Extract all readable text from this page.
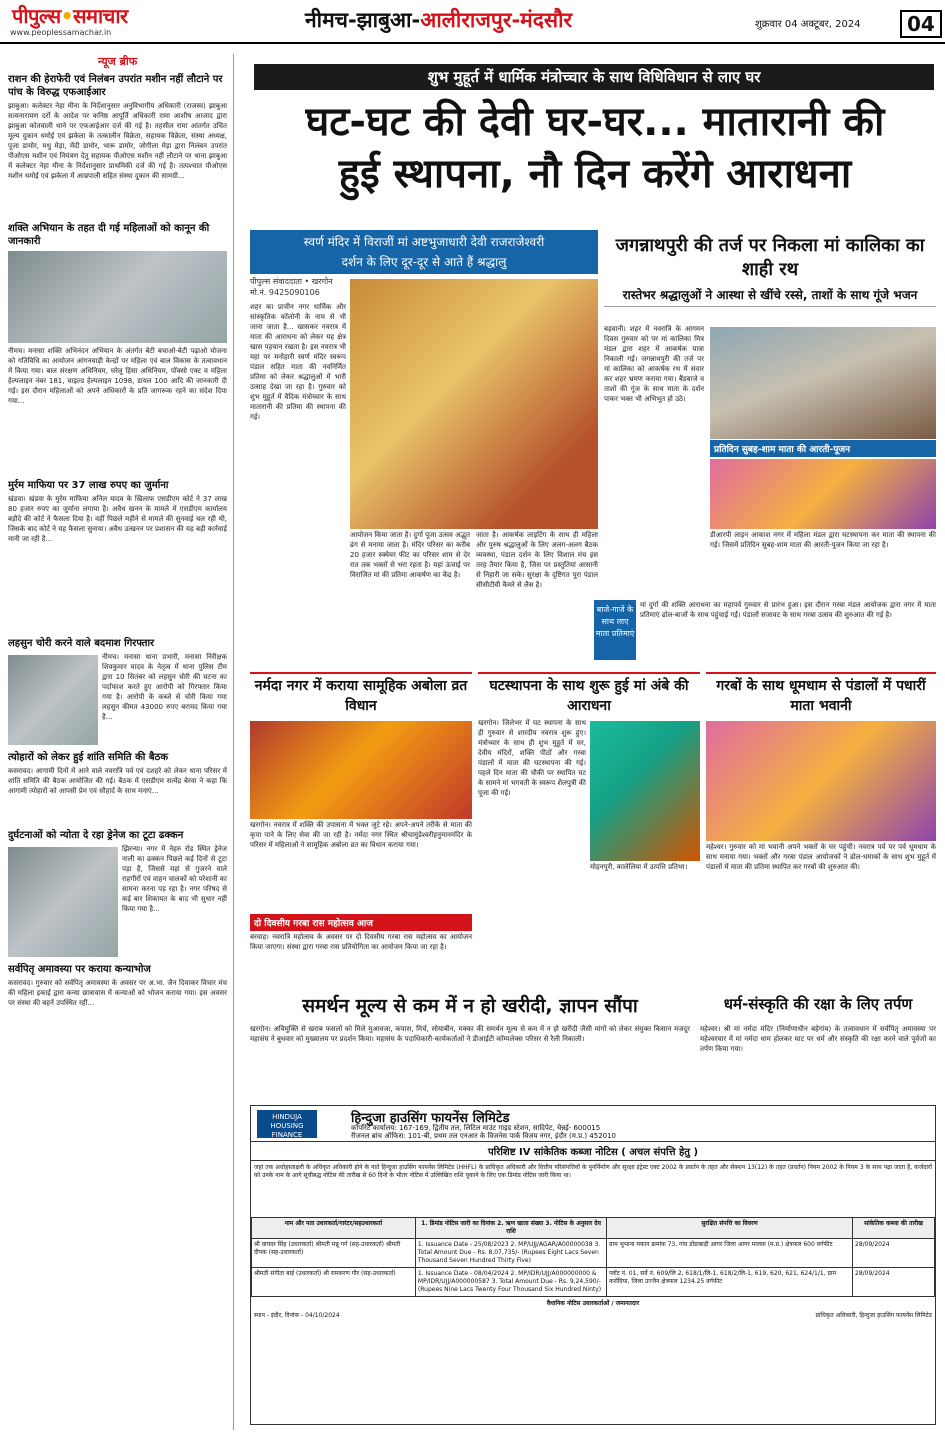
पीपुल्स•समाचार
www.peoplessamachar.in
नीमच-झाबुआ-आलीराजपुर-मंदसौर	शुक्रवार 04 अक्टूबर, 2024	04
न्यूज ब्रीफ
राशन की हेराफेरी एवं निलंबन उपरांत मशीन नहीं लौटाने पर पांच के विरुद्ध एफआईआर
झाबुआ। कलेक्टर नेहा मीना के निर्देशानुसार अनुविभागीय अधिकारी (राजस्व) झाबुआ सत्यनारायण दर्रो के आदेश पर कनिष्ठ आपूर्ति अधिकारी रामा आशीष आजाद द्वारा झाबुआ कोतवाली थाने पर एफआईआर दर्ज की गई है। तहसील रामा आंतर्गत उचित मूल्य दुकान धमोई एवं झकेला के तत्कालीन विक्रेता, सहायक विक्रेता, संस्था अध्यक्ष, पूजा डामोर, मधु मेड़ा, मेंदी डामोर, भारू डामोर, जोगीला मेड़ा द्वारा निलंबन उपरांत पीओएस मशीन एवं नियंत्रण देतु सहायक पीओएस मशीन नहीं लौटाने पर थाना झाबुआ में कलेक्टर नेहा मीना के निर्देशानुसार प्राथमिकी दर्ज की गई है। तत्पश्चात पीओएस मशीन धमोई एवं झकेला में आम्रपाली सहित संस्था दुकान की सामग्री...
शक्ति अभियान के तहत दी गई महिलाओं को कानून की जानकारी
नीमच। मनासा शक्ति अभिनंदन अभियान के अंतर्गत बेटी बचाओ-बेटी पढ़ाओ योजना को गतिविधि का आयोजन आंगनवाड़ी केन्द्रों पर महिला एवं बाल विकास के तत्वावधान में किया गया। बाल संरक्षण अधिनियम, घरेलू हिंसा अधिनियम, पॉक्सो एक्ट व महिला हेल्पलाइन नंबर 181, चाइल्ड हेल्पलाइन 1098, डायल 100 आदि की जानकारी दी गई। इस दौरान महिलाओं को अपने अधिकारों के प्रति जागरूक रहने का संदेश दिया गया...
मुर्रम माफिया पर 37 लाख रुपए का जुर्माना
खंडवा। खंडवा के मुर्रम माफिया अनिल यादव के खिलाफ एसडीएम कोर्ट ने 37 लाख 80 हजार रुपए का जुर्माना लगाया है। अवैध खनन के मामले में एसडीएम कार्यालय बड़ौदे की कोर्ट ने फैसला दिया है। वहीं पिछले महीने से मामले की सुनवाई चल रही थी, जिसके बाद कोर्ट ने यह फैसला सुनाया। अवैध उत्खनन पर प्रशासन की यह बड़ी कार्रवाई मानी जा रही है...
लहसुन चोरी करने वाले बदमाश गिरफ्तार
नीमच। मनासा थाना प्रभारी, मनासा निरीक्षक शिवकुमार यादव के नेतृत्व में थाना पुलिस टीम द्वारा 10 सितंबर को लहसुन चोरी की घटना का पर्दाफाश करते हुए आरोपी को गिरफ्तार किया गया है। आरोपी के कब्जे से चोरी किया गया लहसुन कीमत 43000 रुपए बरामद किया गया है...
त्योहारों को लेकर हुई शांति समिति की बैठक
कसरावद। आगामी दिनों में आने वाले नवरात्रि पर्व एवं दशहरे को लेकर थाना परिसर में शांति समिति की बैठक आयोजित की गई। बैठक में एसडीएम सत्येंद्र बेरवा ने कहा कि आगामी त्योहारों को आपसी प्रेम एवं सौहार्द के साथ मनाएं...
दुर्घटनाओं को न्योता दे रहा ड्रेनेज का टूटा ढक्कन
झिरन्या। नगर में नेहरु रोड स्थित ड्रेनेज नाली का ढक्कन पिछले कई दिनों से टूटा पड़ा है, जिससे यहां से गुजरने वाले राहगीरों एवं वाहन चालकों को परेशानी का सामना करना पड़ रहा है। नगर परिषद से कई बार शिकायत के बाद भी सुधार नहीं किया गया है...
सर्वपितृ अमावस्या पर कराया कन्याभोज
कसरावद। गुरुवार को सर्वपितृ अमावस्या के अवसर पर अ.भा. जैन दिवाकर विचार मंच की महिला इकाई द्वारा कन्या छात्रावास में कन्याओं को भोजन कराया गया। इस अवसर पर संस्था की बहनें उपस्थित रहीं...
शुभ मुहूर्त में धार्मिक मंत्रोच्चार के साथ विधिविधान से लाए घर
घट-घट की देवी घर-घर... मातारानी की
हुई स्थापना, नौ दिन करेंगे आराधना
स्वर्ण मंदिर में विराजीं मां अष्टभुजाधारी देवी राजराजेश्वरी
दर्शन के लिए दूर-दूर से आते हैं श्रद्धालु
पीपुल्स संवाददाता • खरगोन
मो.नं. 9425090106
शहर का प्राचीन नगर धार्मिक और सांस्कृतिक कॉलोनी के नाम से भी जाना जाता है... खासकर नवरात्र में माता की आराधना को लेकर यह क्षेत्र खास पहचान रखता है। इस नवरात्र भी यहां पर मनोहारी स्वर्ण मंदिर स्वरूप पंडाल सहित माता की नवनिर्मित प्रतिमा को लेकर श्रद्धालुओं में भारी उत्साह देखा जा रहा है। गुरुवार को शुभ मुहूर्त में वैदिक मंत्रोच्चार के साथ मातारानी की प्रतिमा की स्थापना की गई।
आयोजन किया जाता है। दुर्गा पूजा उत्सव अद्भुत ढंग से मनाया जाता है। मंदिर परिसर का करीब 20 हजार स्क्वेयर फीट का परिसर शाम से देर रात तक भक्तों से भरा रहता है। यहां ऊंचाई पर विराजित मां की प्रतिमा आकर्षण का केंद्र है।
जाता है। आकर्षक लाइटिंग के साथ ही महिला और पुरुष श्रद्धालुओं के लिए अलग-अलग बैठक व्यवस्था, पंडाल दर्शन के लिए विशाल मंच इस तरह तैयार किया है, जिस पर प्रस्तुतियां आसानी से निहारी जा सके। सुरक्षा के दृष्टिगत पूरा पंडाल सीसीटीवी कैमरे से लैस है।
जगन्नाथपुरी की तर्ज पर निकला मां कालिका का शाही रथ
रास्तेभर श्रद्धालुओं ने आस्था से खींचे रस्से, ताशों के साथ गूंजे भजन
बड़वानी। शहर में नवरात्रि के आगमन दिवस गुरुवार को पर मां कालिका मित्र मंडल द्वारा शहर में आकर्षक यात्रा निकाली गई। जगन्नाथपुरी की तर्ज पर मां कालिका को आकर्षक रथ में सवार कर शहर भ्रमण कराया गया। बैंडबाजे व ताशों की गूंज के साथ माता के दर्शन पाकर भक्त भी अभिभूत हो उठे।
प्रतिदिन सुबह-शाम माता की आरती-पूजन
डीआरपी लाइन आकाश नगर में महिला मंडल द्वारा घटस्थापना कर माता की स्थापना की गई। जिसमें प्रतिदिन सुबह-शाम माता की आरती-पूजन किया जा रहा है।
बाजे-गाजे के साथ लाए माता प्रतिमाएं
मां दुर्गा की शक्ति आराधना का महापर्व गुरुवार से प्रारंभ हुआ। इस दौरान गरबा मंडल आयोजक द्वारा नगर में माता प्रतिमाएं ढोल-बाजों के साथ पहुंचाई गईं। पंडालों सजावट के साथ गरबा उत्सव की शुरुआत की गई है।
नर्मदा नगर में कराया सामूहिक अबोला व्रत विधान
खरगोन। नवरात्र में शक्ति की उपासना में भक्त जुटे रहे। अपने-अपने तरीके से माता की कृपा पाने के लिए सेवा की जा रही है। नर्मदा नगर स्थित श्रीचामुंडेश्वरीहनुमानमंदिर के परिसर में महिलाओं ने सामूहिक अबोला व्रत का विधान कराया गया।
दो दिवसीय गरबा रास महोत्सव आज
बरवाह। नवरात्रि महोत्सव के अवसर पर दो दिवसीय गरबा रास महोत्सव का आयोजन किया जाएगा। संस्था द्वारा गरबा रास प्रतियोगिता का आयोजन किया जा रहा है।
घटस्थापना के साथ शुरू हुई मां अंबे की आराधना
खरगोन। जिलेभर में घट स्थापना के साथ ही गुरुवार से शारदीय नवरात्र शुरू हुए। मंत्रोच्चार के साथ ही शुभ मुहूर्त में घर, देवीय मंदिरों, शक्ति पीठों और गरबा पंडालों में माता की घटस्थापना की गई। पहले दिन माता की चौकी पर स्थापित घट के सामने मां भगवती के स्वरूप शैलपुत्री की पूजा की गई।
मोहनपुरी, कालेलिया में उत्पत्ति प्रतिभा।
गरबों के साथ धूमधाम से पंडालों में पधारीं माता भवानी
महेश्वर। गुरुवार को मां भवानी अपने भक्तों के घर पहुंची। नवरात्र पर्व पर पर्व धूमधाम के साथ मनाया गया। भक्तों और गरबा पंडाल आयोजकों ने ढोल-धमाकों के साथ शुभ मुहूर्त में पंडालों में माता की प्रतिमा स्थापित कर गरबों की शुरुआत की।
समर्थन मूल्य से कम में न हो खरीदी, ज्ञापन सौंपा
खरगोन। अविमुक्ति से खराब फसलों को मिले मुआवजा, कपास, मिर्च, सोयाबीन, मक्का की समर्थन मूल्य से कम में न हो खरीदी जैसी मांगों को लेकर संयुक्त किसान मजदूर महासंघ ने बुधवार को मुख्यालय पर प्रदर्शन किया। महासंघ के पदाधिकारी-कार्यकर्ताओं ने डीआईटी कॉम्पलेक्स परिसर से रैली निकाली।
धर्म-संस्कृति की रक्षा के लिए तर्पण
महेश्वर। श्री मां नर्मदा मंदिर (निर्माणाधीन बहेगांव) के तत्वावधान में सर्वपितृ अमावस्या पर महेश्वरवार में मां नर्मदा धाम होलकर घाट पर धर्म और संस्कृति की रक्षा करने वाले पूर्वजों का तर्पण किया गया।
HINDUJA HOUSING FINANCE
हिन्दुजा हाउसिंग फायनेंस लिमिटेड
कॉर्पोरेट कार्यालय: 167-169, द्वितीय तल, लिटिल माउंट गाइड स्टेशन, सादिपेट, चेन्नई- 600015
रीजनल ब्रांच ऑफिस: 101-बी, प्रथम तल एनआर के विजनेस पार्क विजय नगर, इंदौर (म.प्र.) 452010
परिशिष्ट IV सांकेतिक कब्जा नोटिस ( अचल संपत्ति हेतु )
जहां तक अधोहस्ताक्षरी के अधिकृत अधिकारी होने के नाते हिन्दुजा हाउसिंग फायनेंस लिमिटेड (HHFL) के प्राधिकृत अधिकारी और वित्तीय परिसंपत्तियों के पुनर्निर्माण और सुरक्षा इंट्रेस्ट एक्ट 2002 के प्रवर्तन के तहत और सेक्शन 13(12) के तहत (प्रवर्तन) नियम 2002 के नियम 3 के साथ पढ़ा जाता है, कर्जदारों को उनके नाम के आगे सूचीबद्ध नोटिस की तारीख से 60 दिनों के भीतर नोटिस में उल्लिखित राशि चुकाने के लिए एक डिमांड नोटिस जारी किया था।
नाम और पता उधारकर्ता/गारंटर/सहउधारकर्ता	1. डिमांड नोटिस जारी का दिनांक 2. ऋण खाता संख्या 3. नोटिस के अनुसार देय राशि	सुरक्षित संपत्ति का विवरण	सांकेतिक कब्जा की तारीख
श्री वायदर सिंह (उधारकर्ता) श्रीमती मन्नू गर्ग (सह-उधारकर्ता) श्रीमती दीपक (सह-उधारकर्ता)	1. Issuance Date - 25/08/2023 2. MP/UJJ/AGAR/A00000038 3. Total Amount Due - Rs. 8,07,735/- (Rupees Eight Lacs Seven Thousand Seven Hundred Thirty Five)	ग्राम भुभाना मकान क्रमांक 73, गांव डोंडाबाड़ी आगर जिला आगर मालवा (म.प्र.) क्षेत्रफल 600 वर्गफीट	28/09/2024
श्रीमती संगीता बाई (उधारकर्ता) श्री रामकरण गौर (सह-उधारकर्ता)	1. Issuance Date - 08/04/2024 2. MP/IDR/UJJ/A000000000 & MP/IDR/UJJ/A000000587 3. Total Amount Due - Rs. 9,24,590/- (Rupees Nine Lacs Twenty Four Thousand Six Hundred Ninty)	प्लॉट नं. 01, सर्वे नं. 609/लि 2, 618/1/लि-1, 618/2/लि-1, 619, 620, 621, 624/1/1, ग्राम करोंदिया, जिला उज्जैन क्षेत्रफल 1234.25 वर्गफीट	28/09/2024
वैधानिक नोटिस उधारकर्ताओं / जमानतदार
स्थान - इंदौर, दिनांक - 04/10/2024	प्राधिकृत अधिकारी, हिन्दुजा हाउसिंग फायनेंस लिमिटेड
